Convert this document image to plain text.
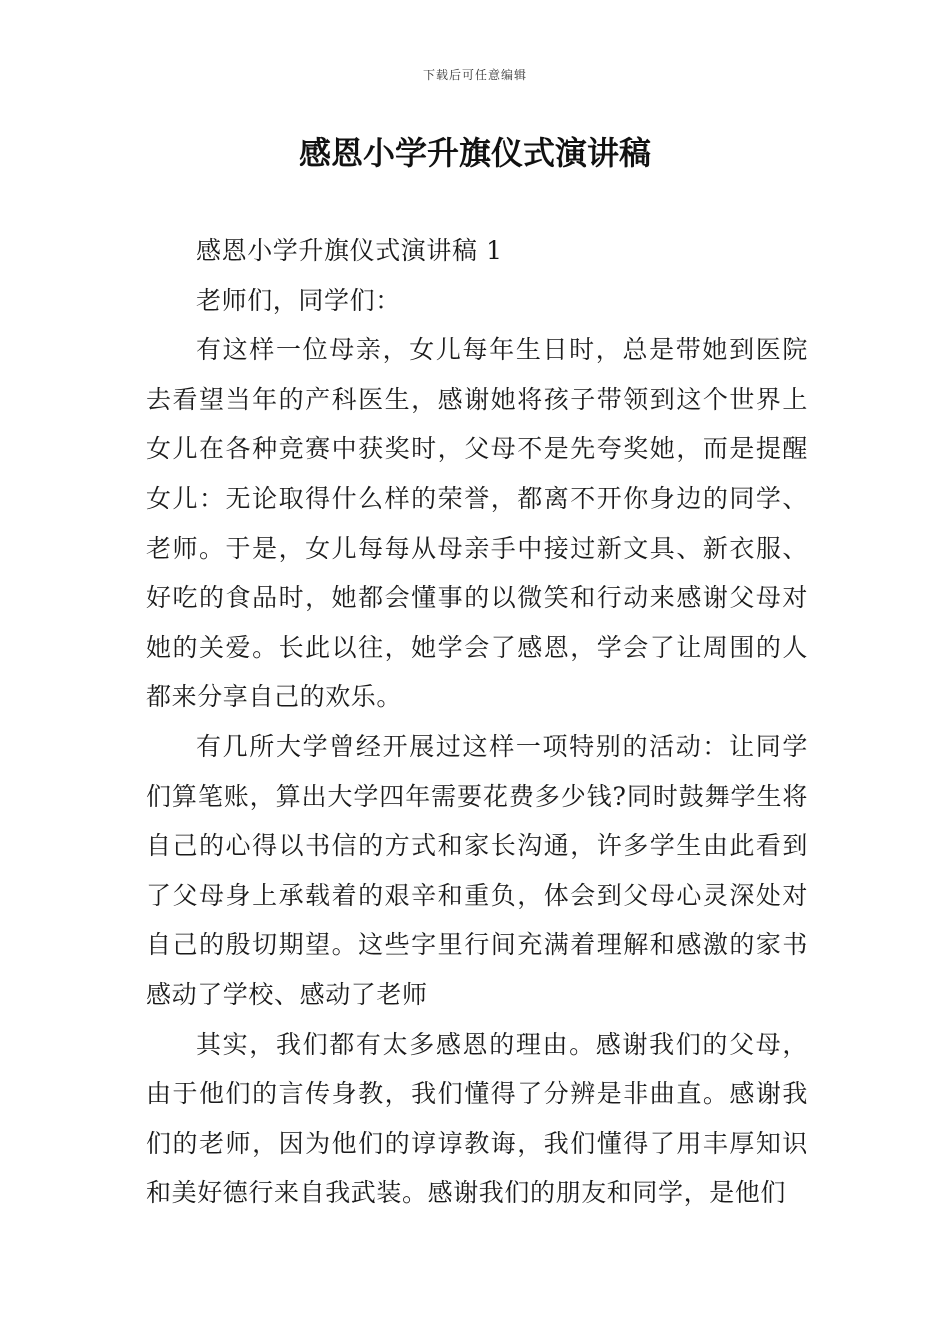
下载后可任意编辑
感恩小学升旗仪式演讲稿

感恩小学升旗仪式演讲稿 1

老师们，同学们：

有这样一位母亲，女儿每年生日时，总是带她到医院去看望当年的产科医生，感谢她将孩子带领到这个世界上女儿在各种竞赛中获奖时，父母不是先夸奖她，而是提醒女儿：无论取得什么样的荣誉，都离不开你身边的同学、老师。于是，女儿每每从母亲手中接过新文具、新衣服、好吃的食品时，她都会懂事的以微笑和行动来感谢父母对她的关爱。长此以往，她学会了感恩，学会了让周围的人都来分享自己的欢乐。

有几所大学曾经开展过这样一项特别的活动：让同学们算笔账，算出大学四年需要花费多少钱?同时鼓舞学生将自己的心得以书信的方式和家长沟通，许多学生由此看到了父母身上承载着的艰辛和重负，体会到父母心灵深处对自己的殷切期望。这些字里行间充满着理解和感激的家书感动了学校、感动了老师

其实，我们都有太多感恩的理由。感谢我们的父母，由于他们的言传身教，我们懂得了分辨是非曲直。感谢我们的老师，因为他们的谆谆教诲，我们懂得了用丰厚知识和美好德行来自我武装。感谢我们的朋友和同学，是他们
